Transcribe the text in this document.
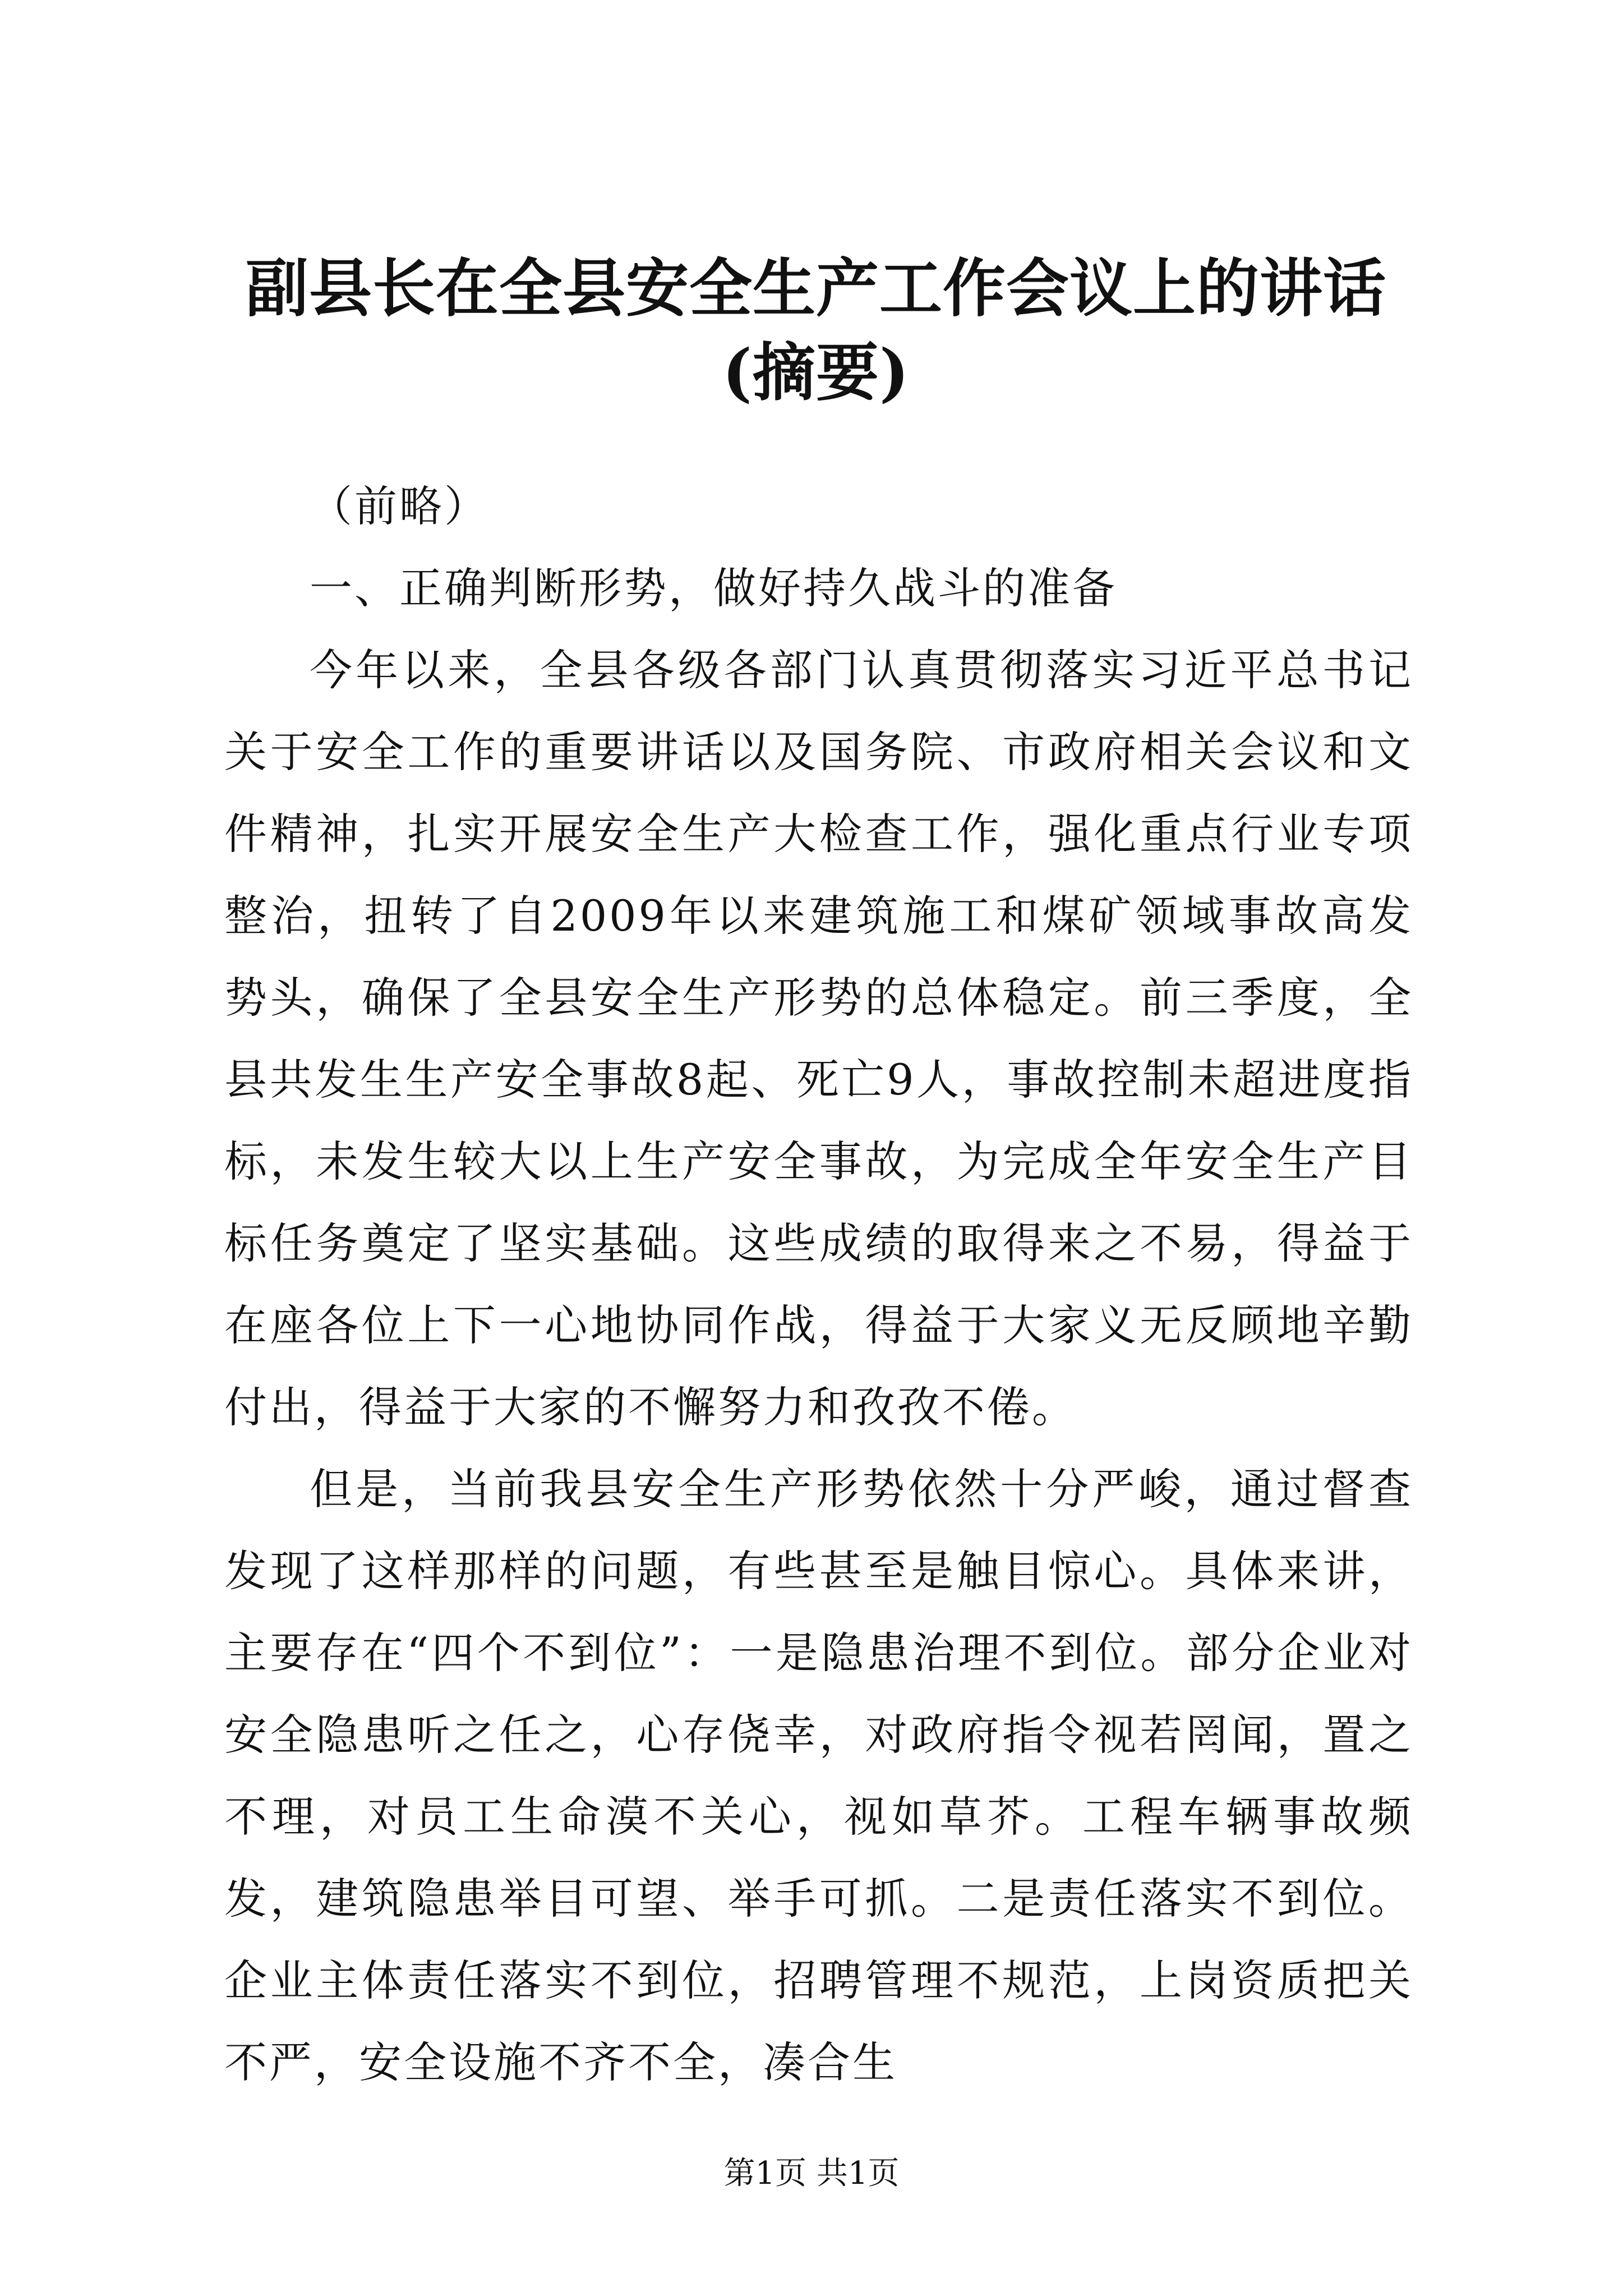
副县长在全县安全生产工作会议上的讲话(摘要)

（前略）

一、正确判断形势，做好持久战斗的准备

今年以来，全县各级各部门认真贯彻落实习近平总书记关于安全工作的重要讲话以及国务院、市政府相关会议和文件精神，扎实开展安全生产大检查工作，强化重点行业专项整治，扭转了自2009年以来建筑施工和煤矿领域事故高发势头，确保了全县安全生产形势的总体稳定。前三季度，全县共发生生产安全事故8起、死亡9人，事故控制未超进度指标，未发生较大以上生产安全事故，为完成全年安全生产目标任务奠定了坚实基础。这些成绩的取得来之不易，得益于在座各位上下一心地协同作战，得益于大家义无反顾地辛勤付出，得益于大家的不懈努力和孜孜不倦。

但是，当前我县安全生产形势依然十分严峻，通过督查发现了这样那样的问题，有些甚至是触目惊心。具体来讲，主要存在“四个不到位”：一是隐患治理不到位。部分企业对安全隐患听之任之，心存侥幸，对政府指令视若罔闻，置之不理，对员工生命漠不关心，视如草芥。工程车辆事故频发，建筑隐患举目可望、举手可抓。二是责任落实不到位。企业主体责任落实不到位，招聘管理不规范，上岗资质把关不严，安全设施不齐不全，凑合生

第1页 共1页
